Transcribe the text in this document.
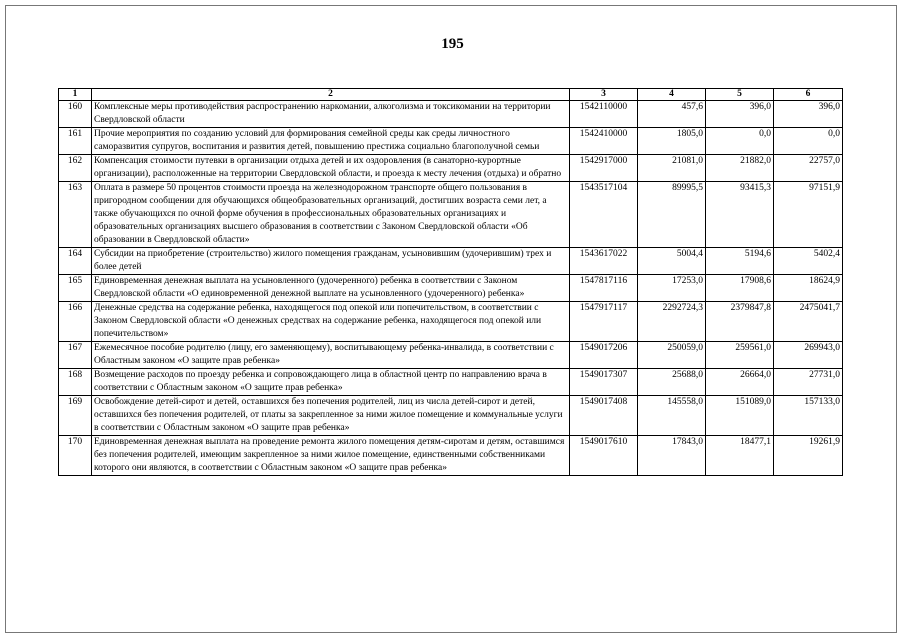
195
1	2	3	4	5	6
160	Комплексные меры противодействия распространению наркомании, алкоголизма и токсикомании на территории Свердловской области	1542110000	457,6	396,0	396,0
161	Прочие мероприятия по созданию условий для формирования семейной среды как среды личностного саморазвития супругов, воспитания и развития детей, повышению престижа социально благополучной семьи	1542410000	1805,0	0,0	0,0
162	Компенсация стоимости путевки в организации отдыха детей и их оздоровления (в санаторно-курортные организации), расположенные на территории Свердловской области, и проезда к месту лечения (отдыха) и обратно	1542917000	21081,0	21882,0	22757,0
163	Оплата в размере 50 процентов стоимости проезда на железнодорожном транспорте общего пользования в пригородном сообщении для обучающихся общеобразовательных организаций, достигших возраста семи лет, а также обучающихся по очной форме обучения в профессиональных образовательных организациях и образовательных организациях высшего образования в соответствии с Законом Свердловской области «Об образовании в Свердловской области»	1543517104	89995,5	93415,3	97151,9
164	Субсидии на приобретение (строительство) жилого помещения гражданам, усыновившим (удочерившим) трех и более детей	1543617022	5004,4	5194,6	5402,4
165	Единовременная денежная выплата на усыновленного (удочеренного) ребенка в соответствии с Законом Свердловской области «О единовременной денежной выплате на усыновленного (удочеренного) ребенка»	1547817116	17253,0	17908,6	18624,9
166	Денежные средства на содержание ребенка, находящегося под опекой или попечительством, в соответствии с Законом Свердловской области «О денежных средствах на содержание ребенка, находящегося под опекой или попечительством»	1547917117	2292724,3	2379847,8	2475041,7
167	Ежемесячное пособие родителю (лицу, его заменяющему), воспитывающему ребенка-инвалида, в соответствии с Областным законом «О защите прав ребенка»	1549017206	250059,0	259561,0	269943,0
168	Возмещение расходов по проезду ребенка и сопровождающего лица в областной центр по направлению врача в соответствии с Областным законом «О защите прав ребенка»	1549017307	25688,0	26664,0	27731,0
169	Освобождение детей-сирот и детей, оставшихся без попечения родителей, лиц из числа детей-сирот и детей, оставшихся без попечения родителей, от платы за закрепленное за ними жилое помещение и коммунальные услуги в соответствии с Областным законом «О защите прав ребенка»	1549017408	145558,0	151089,0	157133,0
170	Единовременная денежная выплата на проведение ремонта жилого помещения детям-сиротам и детям, оставшимся без попечения родителей, имеющим закрепленное за ними жилое помещение, единственными собственниками которого они являются, в соответствии с Областным законом «О защите прав ребенка»	1549017610	17843,0	18477,1	19261,9
